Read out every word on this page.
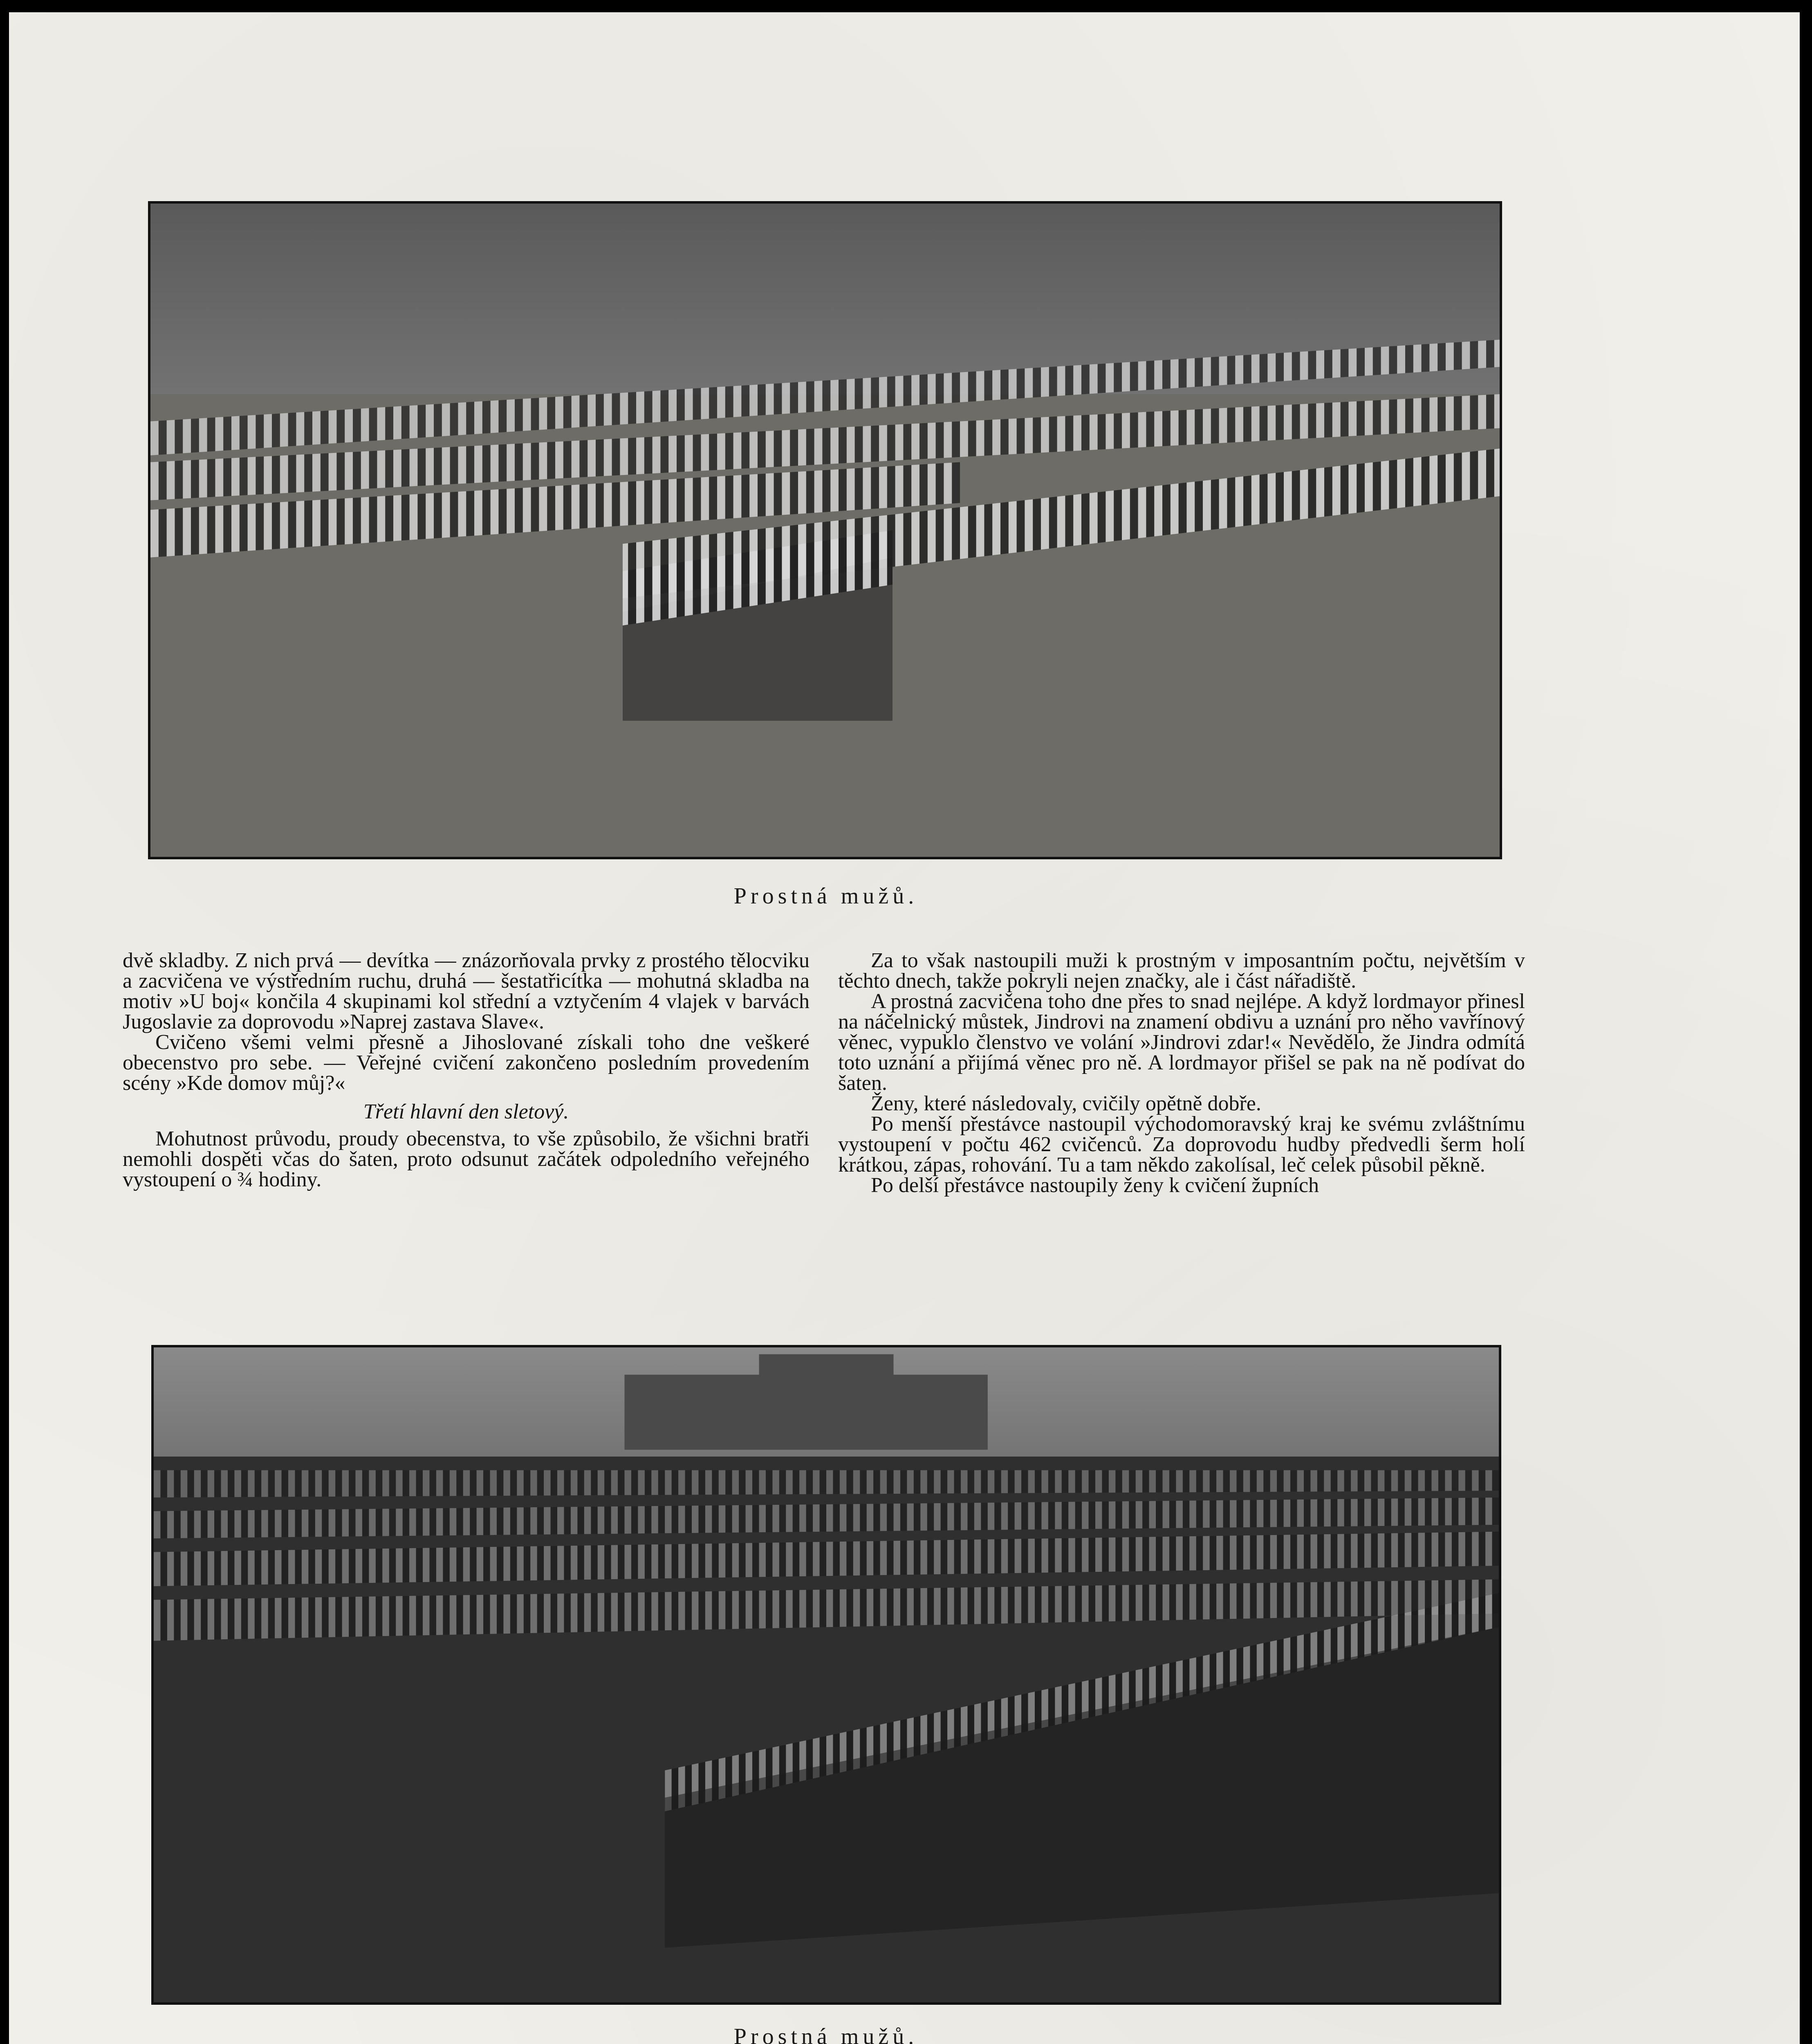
Prostná mužů.

dvě skladby. Z nich prvá — devítka — znázorňovala prvky z prostého tělocviku a zacvičena ve výstředním ruchu, druhá — šestatřicítka — mohutná skladba na motiv »U boj« končila 4 skupinami kol střední a vztyčením 4 vlajek v barvách Jugoslavie za doprovodu »Naprej zastava Slave«.

Cvičeno všemi velmi přesně a Jihoslované získali toho dne veškeré obecenstvo pro sebe. — Veřejné cvičení zakončeno posledním provedením scény »Kde domov můj?«

Třetí hlavní den sletový.

Mohutnost průvodu, proudy obecenstva, to vše způsobilo, že všichni bratři nemohli dospěti včas do šaten, proto odsunut začátek odpoledního veřejného vystoupení o ¾ hodiny.

Za to však nastoupili muži k prostným v imposantním počtu, největším v těchto dnech, takže pokryli nejen značky, ale i část nářadiště.

A prostná zacvičena toho dne přes to snad nejlépe. A když lordmayor přinesl na náčelnický můstek, Jindrovi na znamení obdivu a uznání pro něho vavřínový věnec, vypuklo členstvo ve volání »Jindrovi zdar!« Nevědělo, že Jindra odmítá toto uznání a přijímá věnec pro ně. A lordmayor přišel se pak na ně podívat do šaten.

Ženy, které následovaly, cvičily opětně dobře.

Po menší přestávce nastoupil východomoravský kraj ke svému zvláštnímu vystoupení v počtu 462 cvičenců. Za doprovodu hudby předvedli šerm holí krátkou, zápas, rohování. Tu a tam někdo zakolísal, leč celek působil pěkně.

Po delší přestávce nastoupily ženy k cvičení župních

Prostná mužů.
